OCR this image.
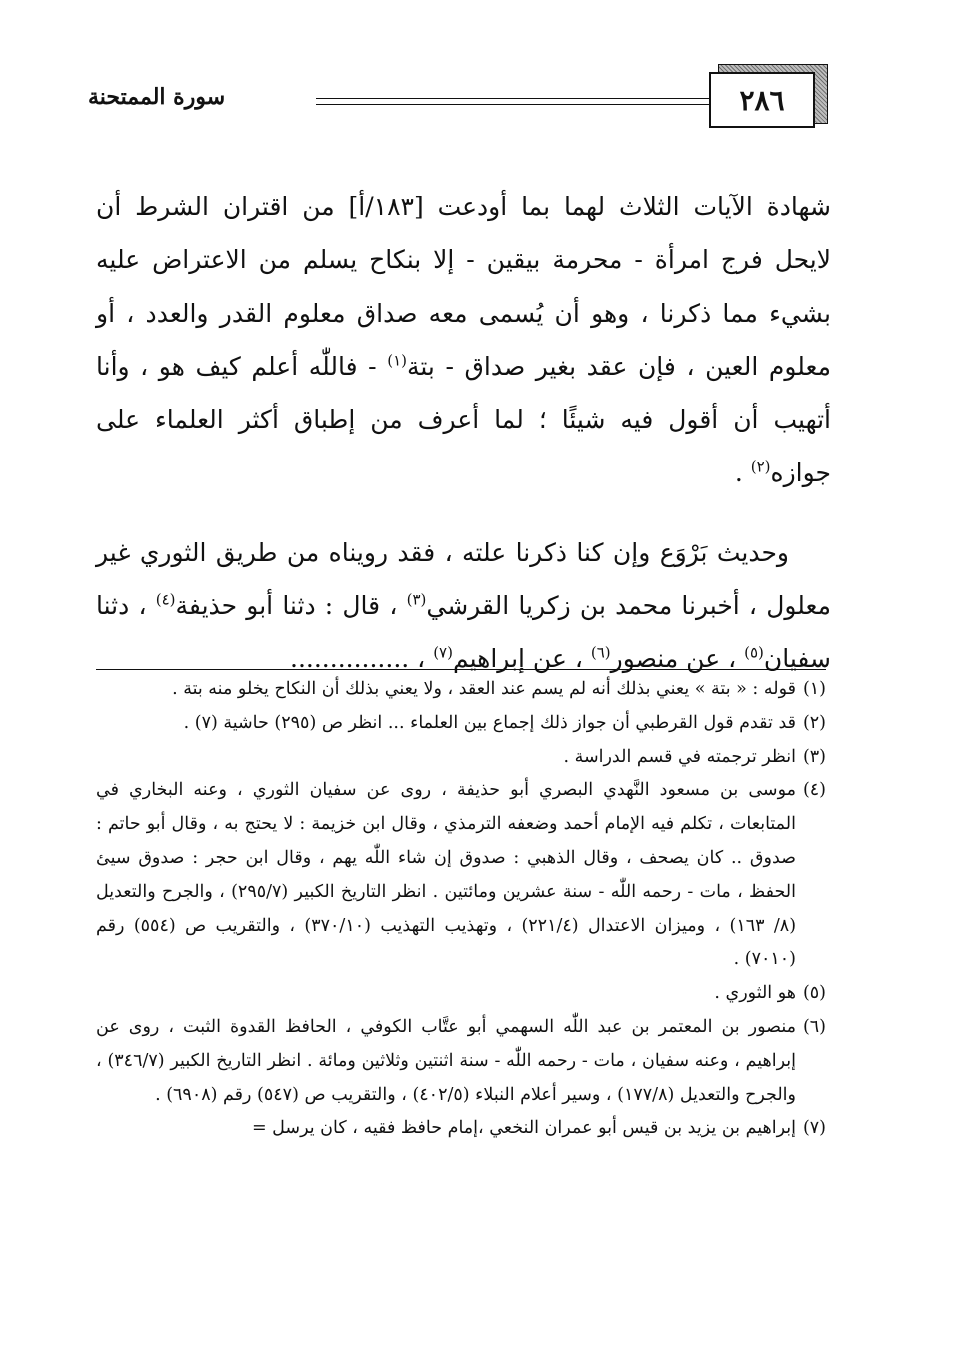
سورة الممتحنة	٢٨٦

شهادة الآيات الثلاث لهما بما أودعت [١٨٣/أ] من اقتران الشرط أن لايحل فرج امرأة - محرمة بيقين - إلا بنكاح يسلم من الاعتراض عليه بشيء مما ذكرنا ، وهو أن يُسمى معه صداق معلوم القدر والعدد ، أو معلوم العين ، فإن عقد بغير صداق - بتة$^{(١)}$ - فاللّٰه أعلم كيف هو ، وأنا أتهيب أن أقول فيه شيئًا ؛ لما أعرف من إطباق أكثر العلماء على جوازه$^{(٢)}$ .

وحديث بَرْوَع وإن كنا ذكرنا علته ، فقد رويناه من طريق الثوري غير معلول ، أخبرنا محمد بن زكريا القرشي$^{(٣)}$ ، قال : دثنا أبو حذيفة$^{(٤)}$ ، دثنا سفيان$^{(٥)}$ ، عن منصور$^{(٦)}$ ، عن إبراهيم$^{(٧)}$ ، ...............

(١)
قوله : « بتة » يعني بذلك أنه لم يسم عند العقد ، ولا يعني بذلك أن النكاح يخلو منه بتة .
(٢)
قد تقدم قول القرطبي أن جواز ذلك إجماع بين العلماء ... انظر ص (٢٩٥) حاشية (٧) .
(٣)
انظر ترجمته في قسم الدراسة .
(٤)
موسى بن مسعود النَّهدي البصري أبو حذيفة ، روى عن سفيان الثوري ، وعنه البخاري في المتابعات ، تكلم فيه الإمام أحمد وضعفه الترمذي ، وقال ابن خزيمة : لا يحتج به ، وقال أبو حاتم : صدوق .. كان يصحف ، وقال الذهبي : صدوق إن شاء اللّٰه يهم ، وقال ابن حجر : صدوق سيئ الحفظ ، مات - رحمه اللّٰه - سنة عشرين ومائتين . انظر التاريخ الكبير (٢٩٥/٧) ، والجرح والتعديل (٨/ ١٦٣) ، وميزان الاعتدال (٢٢١/٤) ، وتهذيب التهذيب (٣٧٠/١٠) ، والتقريب ص (٥٥٤) رقم (٧٠١٠) .
(٥)
هو الثوري .
(٦)
منصور بن المعتمر بن عبد اللّٰه السهمي أبو عتَّاب الكوفي ، الحافظ القدوة الثبت ، روى عن إبراهيم ، وعنه سفيان ، مات - رحمه اللّٰه - سنة اثنتين وثلاثين ومائة . انظر التاريخ الكبير (٣٤٦/٧) ، والجرح والتعديل (١٧٧/٨) ، وسير أعلام النبلاء (٤٠٢/٥) ، والتقريب ص (٥٤٧) رقم (٦٩٠٨) .
(٧)
إبراهيم بن يزيد بن قيس أبو عمران النخعي ،إمام حافظ فقيه ، كان يرسل =
